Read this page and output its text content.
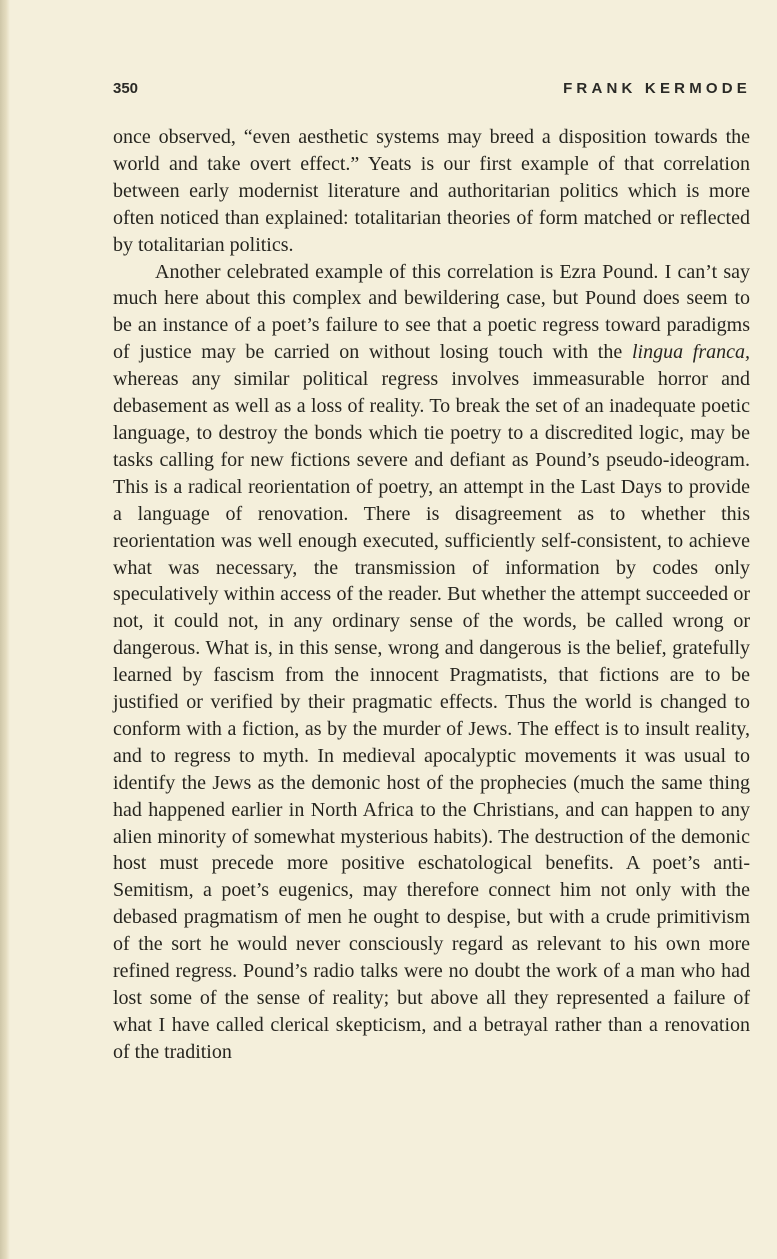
350	FRANK KERMODE

once observed, “even aesthetic systems may breed a disposition towards the world and take overt effect.” Yeats is our first example of that correlation between early modernist literature and authoritarian politics which is more often noticed than explained: totalitarian theories of form matched or reflected by totalitarian politics.

Another celebrated example of this correlation is Ezra Pound. I can’t say much here about this complex and bewildering case, but Pound does seem to be an instance of a poet’s failure to see that a poetic regress toward paradigms of justice may be carried on without losing touch with the lingua franca, whereas any similar political regress involves immeasurable horror and debasement as well as a loss of reality. To break the set of an inadequate poetic language, to destroy the bonds which tie poetry to a discredited logic, may be tasks calling for new fictions severe and defiant as Pound’s pseudo-ideogram. This is a radical reorientation of poetry, an attempt in the Last Days to provide a language of renovation. There is disagreement as to whether this reorientation was well enough executed, sufficiently self-consistent, to achieve what was necessary, the transmission of information by codes only speculatively within access of the reader. But whether the attempt succeeded or not, it could not, in any ordinary sense of the words, be called wrong or dangerous. What is, in this sense, wrong and dangerous is the belief, gratefully learned by fascism from the innocent Pragmatists, that fictions are to be justified or verified by their pragmatic effects. Thus the world is changed to conform with a fiction, as by the murder of Jews. The effect is to insult reality, and to regress to myth. In medieval apocalyptic movements it was usual to identify the Jews as the demonic host of the prophecies (much the same thing had happened earlier in North Africa to the Christians, and can happen to any alien minority of somewhat mysterious habits). The destruction of the demonic host must precede more positive eschatological benefits. A poet’s anti-Semitism, a poet’s eugenics, may therefore connect him not only with the debased pragmatism of men he ought to despise, but with a crude primitivism of the sort he would never consciously regard as relevant to his own more refined regress. Pound’s radio talks were no doubt the work of a man who had lost some of the sense of reality; but above all they represented a failure of what I have called clerical skepticism, and a betrayal rather than a renovation of the tradition
